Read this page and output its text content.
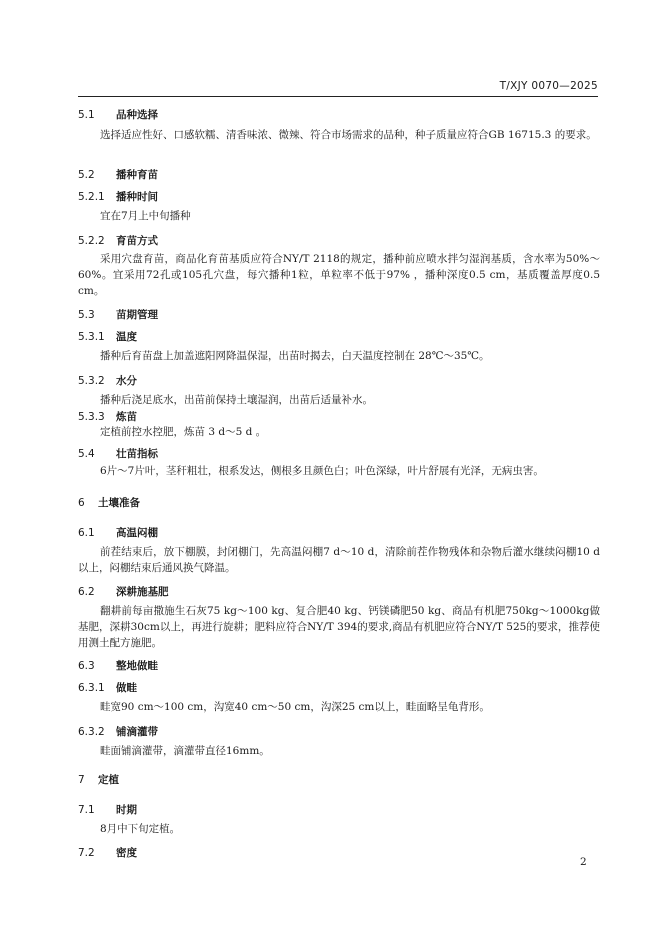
T/XJY 0070—2025
5.1 品种选择
选择适应性好、口感软糯、清香味浓、微辣、符合市场需求的品种，种子质量应符合GB 16715.3 的要求。
5.2 播种育苗
5.2.1 播种时间
宜在7月上中旬播种
5.2.2 育苗方式
采用穴盘育苗，商品化育苗基质应符合NY/T 2118的规定，播种前应喷水拌匀湿润基质，含水率为50%～60%。宜采用72孔或105孔穴盘，每穴播种1粒，单粒率不低于97% ，播种深度0.5 cm，基质覆盖厚度0.5 cm。
5.3 苗期管理
5.3.1 温度
播种后育苗盘上加盖遮阳网降温保湿，出苗时揭去，白天温度控制在 28℃～35℃。
5.3.2 水分
播种后浇足底水，出苗前保持土壤湿润，出苗后适量补水。
5.3.3 炼苗
定植前控水控肥，炼苗 3 d～5 d 。
5.4 壮苗指标
6片～7片叶，茎秆粗壮，根系发达，侧根多且颜色白；叶色深绿，叶片舒展有光泽，无病虫害。
6 土壤准备
6.1 高温闷棚
前茬结束后，放下棚膜，封闭棚门，先高温闷棚7 d～10 d，清除前茬作物残体和杂物后灌水继续闷棚10 d以上，闷棚结束后通风换气降温。
6.2 深耕施基肥
翻耕前每亩撒施生石灰75 kg～100 kg、复合肥40 kg、钙镁磷肥50 kg、商品有机肥750kg～1000kg做基肥，深耕30cm以上，再进行旋耕；肥料应符合NY/T 394的要求,商品有机肥应符合NY/T 525的要求，推荐使用测土配方施肥。
6.3 整地做畦
6.3.1 做畦
畦宽90 cm～100 cm，沟宽40 cm～50 cm，沟深25 cm以上，畦面略呈龟背形。
6.3.2 铺滴灌带
畦面铺滴灌带，滴灌带直径16mm。
7 定植
7.1 时期
8月中下旬定植。
7.2 密度
2
